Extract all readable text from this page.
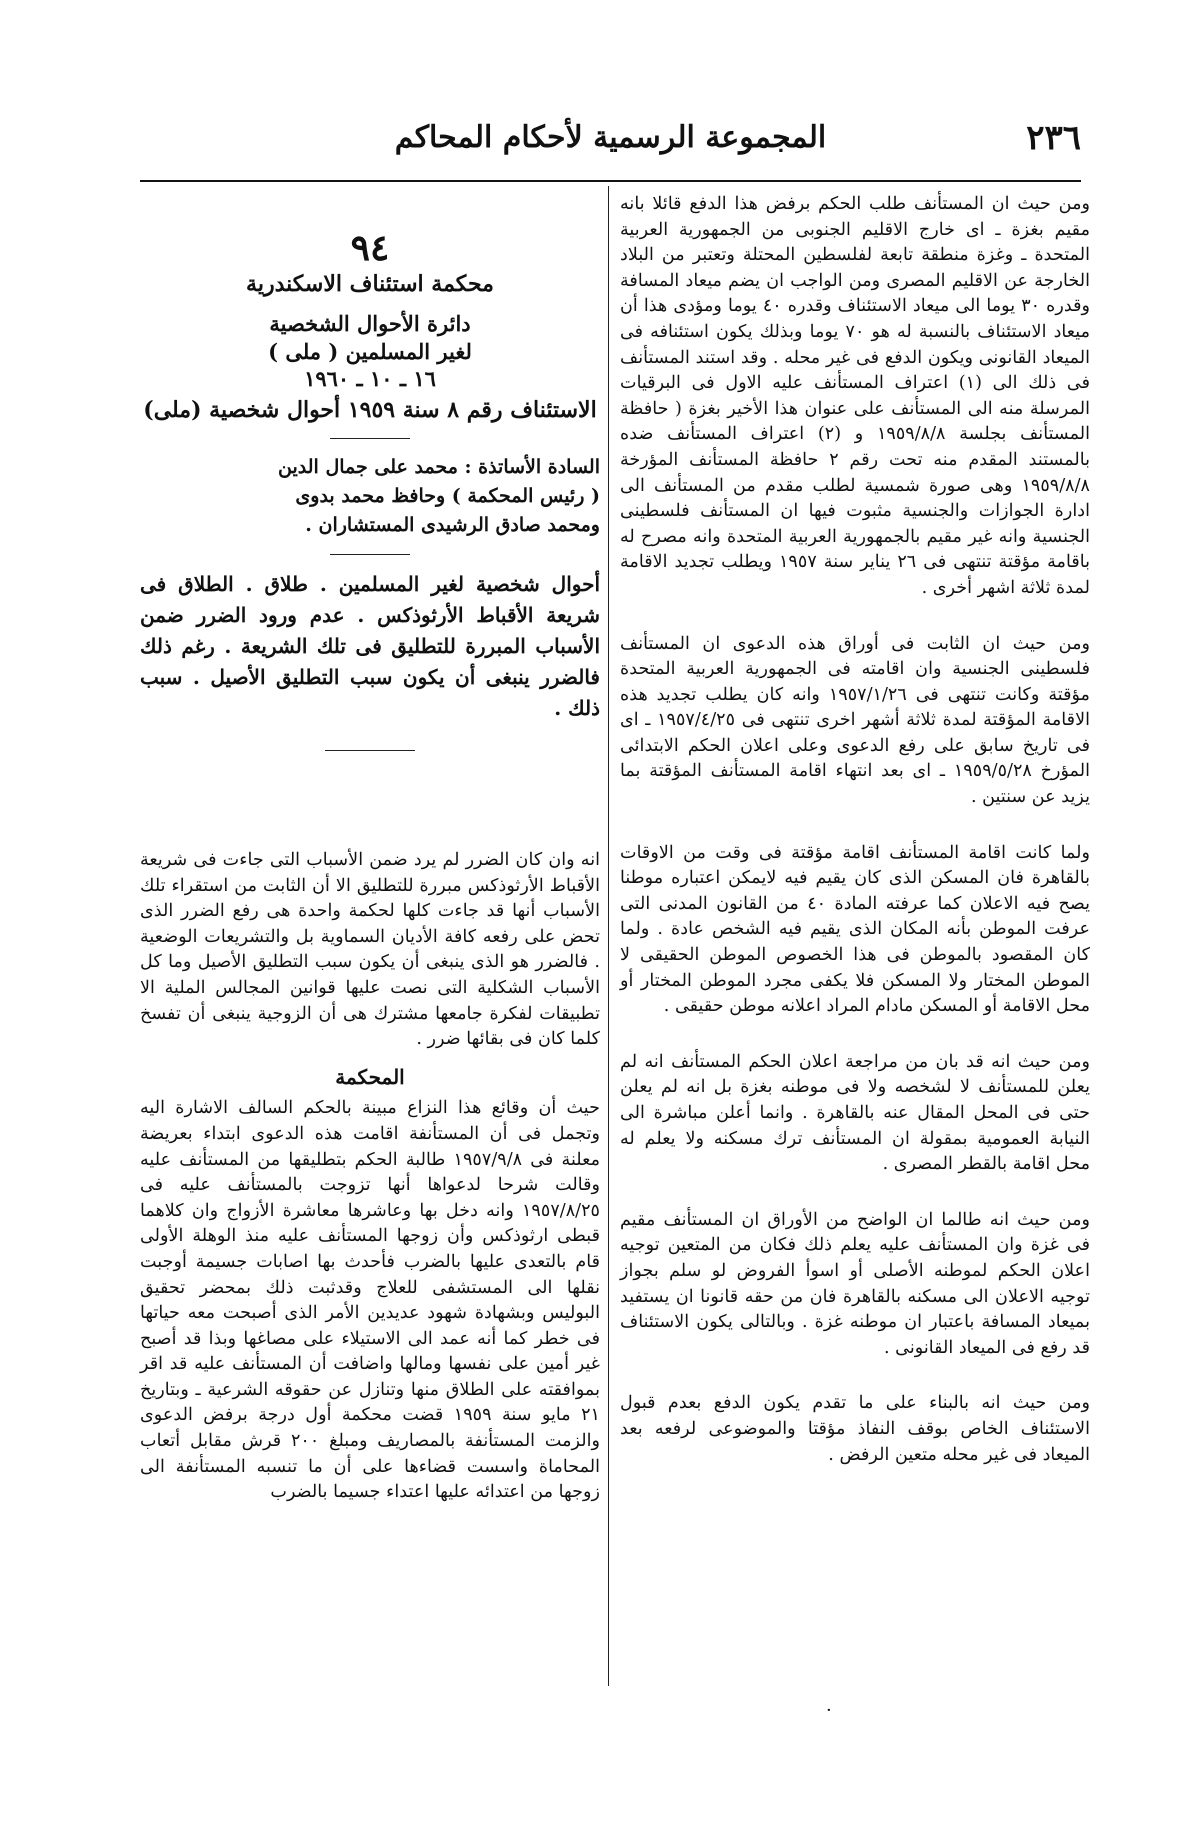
٢٣٦
المجموعة الرسمية لأحكام المحاكم

ومن حيث ان المستأنف طلب الحكم برفض هذا الدفع قائلا بانه مقيم بغزة ـ اى خارج الاقليم الجنوبى من الجمهورية العربية المتحدة ـ وغزة منطقة تابعة لفلسطين المحتلة وتعتبر من البلاد الخارجة عن الاقليم المصرى ومن الواجب ان يضم ميعاد المسافة وقدره ٣٠ يوما الى ميعاد الاستئناف وقدره ٤٠ يوما ومؤدى هذا أن ميعاد الاستئناف بالنسبة له هو ٧٠ يوما وبذلك يكون استئنافه فى الميعاد القانونى ويكون الدفع فى غير محله . وقد استند المستأنف فى ذلك الى (١) اعتراف المستأنف عليه الاول فى البرقيات المرسلة منه الى المستأنف على عنوان هذا الأخير بغزة ( حافظة المستأنف بجلسة ١٩٥٩/٨/٨ و (٢) اعتراف المستأنف ضده بالمستند المقدم منه تحت رقم ٢ حافظة المستأنف المؤرخة ١٩٥٩/٨/٨ وهى صورة شمسية لطلب مقدم من المستأنف الى ادارة الجوازات والجنسية مثبوت فيها ان المستأنف فلسطينى الجنسية وانه غير مقيم بالجمهورية العربية المتحدة وانه مصرح له باقامة مؤقتة تنتهى فى ٢٦ يناير سنة ١٩٥٧ ويطلب تجديد الاقامة لمدة ثلاثة اشهر أخرى .

ومن حيث ان الثابت فى أوراق هذه الدعوى ان المستأنف فلسطينى الجنسية وان اقامته فى الجمهورية العربية المتحدة مؤقتة وكانت تنتهى فى ١٩٥٧/١/٢٦ وانه كان يطلب تجديد هذه الاقامة المؤقتة لمدة ثلاثة أشهر اخرى تنتهى فى ١٩٥٧/٤/٢٥ ـ اى فى تاريخ سابق على رفع الدعوى وعلى اعلان الحكم الابتدائى المؤرخ ١٩٥٩/٥/٢٨ ـ اى بعد انتهاء اقامة المستأنف المؤقتة بما يزيد عن سنتين .

ولما كانت اقامة المستأنف اقامة مؤقتة فى وقت من الاوقات بالقاهرة فان المسكن الذى كان يقيم فيه لايمكن اعتباره موطنا يصح فيه الاعلان كما عرفته المادة ٤٠ من القانون المدنى التى عرفت الموطن بأنه المكان الذى يقيم فيه الشخص عادة . ولما كان المقصود بالموطن فى هذا الخصوص الموطن الحقيقى لا الموطن المختار ولا المسكن فلا يكفى مجرد الموطن المختار أو محل الاقامة أو المسكن مادام المراد اعلانه موطن حقيقى .

ومن حيث انه قد بان من مراجعة اعلان الحكم المستأنف انه لم يعلن للمستأنف لا لشخصه ولا فى موطنه بغزة بل انه لم يعلن حتى فى المحل المقال عنه بالقاهرة . وانما أعلن مباشرة الى النيابة العمومية بمقولة ان المستأنف ترك مسكنه ولا يعلم له محل اقامة بالقطر المصرى .

ومن حيث انه طالما ان الواضح من الأوراق ان المستأنف مقيم فى غزة وان المستأنف عليه يعلم ذلك فكان من المتعين توجيه اعلان الحكم لموطنه الأصلى أو اسوأ الفروض لو سلم بجواز توجيه الاعلان الى مسكنه بالقاهرة فان من حقه قانونا ان يستفيد بميعاد المسافة باعتبار ان موطنه غزة . وبالتالى يكون الاستئناف قد رفع فى الميعاد القانونى .

ومن حيث انه بالبناء على ما تقدم يكون الدفع بعدم قبول الاستئناف الخاص بوقف النفاذ مؤقتا والموضوعى لرفعه بعد الميعاد فى غير محله متعين الرفض .

٩٤
محكمة استئناف الاسكندرية
دائرة الأحوال الشخصية
لغير المسلمين ( ملى )
١٦ ـ ١٠ ـ ١٩٦٠
الاستئناف رقم ٨ سنة ١٩٥٩ أحوال شخصية (ملى)
السادة الأساتذة : محمد على جمال الدين
( رئيس المحكمة ) وحافظ محمد بدوى
ومحمد صادق الرشيدى المستشاران .

أحوال شخصية لغير المسلمين . طلاق . الطلاق فى شريعة الأقباط الأرثوذكس . عدم ورود الضرر ضمن الأسباب المبررة للتطليق فى تلك الشريعة . رغم ذلك فالضرر ينبغى أن يكون سبب التطليق الأصيل . سبب ذلك .

انه وان كان الضرر لم يرد ضمن الأسباب التى جاءت فى شريعة الأقباط الأرثوذكس مبررة للتطليق الا أن الثابت من استقراء تلك الأسباب أنها قد جاءت كلها لحكمة واحدة هى رفع الضرر الذى تحض على رفعه كافة الأديان السماوية بل والتشريعات الوضعية . فالضرر هو الذى ينبغى أن يكون سبب التطليق الأصيل وما كل الأسباب الشكلية التى نصت عليها قوانين المجالس الملية الا تطبيقات لفكرة جامعها مشترك هى أن الزوجية ينبغى أن تفسخ كلما كان فى بقائها ضرر .

المحكمة

حيث أن وقائع هذا النزاع مبينة بالحكم السالف الاشارة اليه وتجمل فى أن المستأنفة اقامت هذه الدعوى ابتداء بعريضة معلنة فى ١٩٥٧/٩/٨ طالبة الحكم بتطليقها من المستأنف عليه وقالت شرحا لدعواها أنها تزوجت بالمستأنف عليه فى ١٩٥٧/٨/٢٥ وانه دخل بها وعاشرها معاشرة الأزواج وان كلاهما قبطى ارثوذكس وأن زوجها المستأنف عليه منذ الوهلة الأولى قام بالتعدى عليها بالضرب فأحدث بها اصابات جسيمة أوجبت نقلها الى المستشفى للعلاج وقدثبت ذلك بمحضر تحقيق البوليس وبشهادة شهود عديدين الأمر الذى أصبحت معه حياتها فى خطر كما أنه عمد الى الاستيلاء على مصاغها وبذا قد أصبح غير أمين على نفسها ومالها واضافت أن المستأنف عليه قد اقر بموافقته على الطلاق منها وتنازل عن حقوقه الشرعية ـ وبتاريخ ٢١ مايو سنة ١٩٥٩ قضت محكمة أول درجة برفض الدعوى والزمت المستأنفة بالمصاريف ومبلغ ٢٠٠ قرش مقابل أتعاب المحاماة واسست قضاءها على أن ما تنسبه المستأنفة الى زوجها من اعتدائه عليها اعتداء جسيما بالضرب

·
